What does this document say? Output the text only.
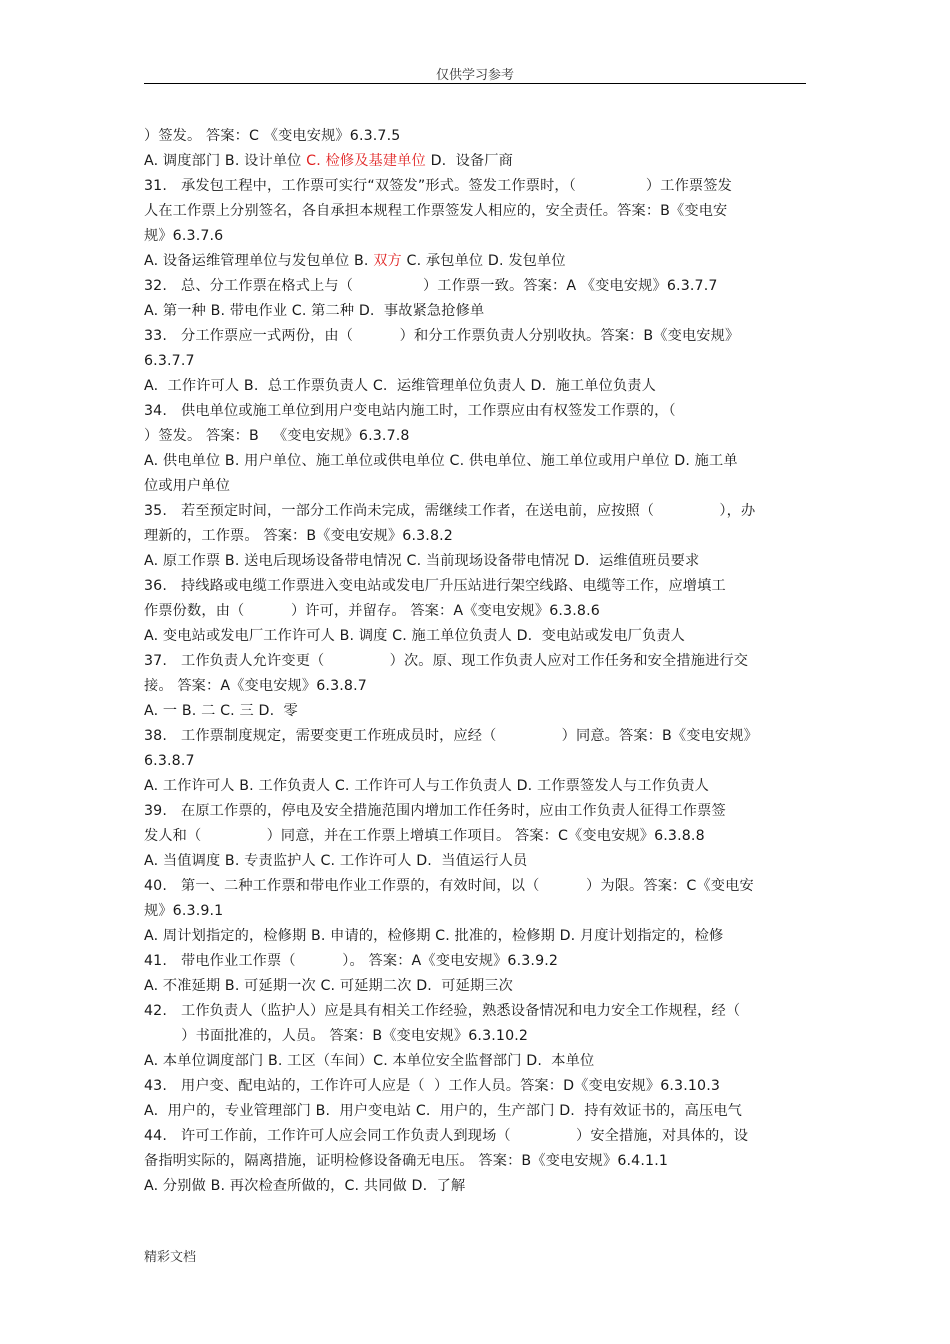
仅供学习参考
）签发。 答案：C 《变电安规》6.3.7.5
A. 调度部门 B. 设计单位 C. 检修及基建单位 D.  设备厂商
31.   承发包工程中，工作票可实行“双签发”形式。签发工作票时，（               ）工作票签发
人在工作票上分别签名，各自承担本规程工作票签发人相应的，安全责任。答案：B《变电安
规》6.3.7.6
A. 设备运维管理单位与发包单位 B. 双方 C. 承包单位 D. 发包单位
32.   总、分工作票在格式上与（               ）工作票一致。答案：A 《变电安规》6.3.7.7
A. 第一种 B. 带电作业 C. 第二种 D.  事故紧急抢修单
33.   分工作票应一式两份，由（          ）和分工作票负责人分别收执。答案：B《变电安规》
6.3.7.7
A.  工作许可人 B.  总工作票负责人 C.  运维管理单位负责人 D.  施工单位负责人
34.   供电单位或施工单位到用户变电站内施工时，工作票应由有权签发工作票的，（
）签发。 答案：B   《变电安规》6.3.7.8
A. 供电单位 B. 用户单位、施工单位或供电单位 C. 供电单位、施工单位或用户单位 D. 施工单
位或用户单位
35.   若至预定时间，一部分工作尚未完成，需继续工作者，在送电前，应按照（              ），办
理新的，工作票。 答案：B《变电安规》6.3.8.2
A. 原工作票 B. 送电后现场设备带电情况 C. 当前现场设备带电情况 D.  运维值班员要求
36.   持线路或电缆工作票进入变电站或发电厂升压站进行架空线路、电缆等工作，应增填工
作票份数，由（          ）许可，并留存。 答案：A《变电安规》6.3.8.6
A. 变电站或发电厂工作许可人 B. 调度 C. 施工单位负责人 D.  变电站或发电厂负责人
37.   工作负责人允许变更（              ）次。原、现工作负责人应对工作任务和安全措施进行交
接。 答案：A《变电安规》6.3.8.7
A. 一 B. 二 C. 三 D.  零
38.   工作票制度规定，需要变更工作班成员时，应经（              ）同意。答案：B《变电安规》
6.3.8.7
A. 工作许可人 B. 工作负责人 C. 工作许可人与工作负责人 D. 工作票签发人与工作负责人
39.   在原工作票的，停电及安全措施范围内增加工作任务时，应由工作负责人征得工作票签
发人和（              ）同意，并在工作票上增填工作项目。 答案：C《变电安规》6.3.8.8
A. 当值调度 B. 专责监护人 C. 工作许可人 D.  当值运行人员
40.   第一、二种工作票和带电作业工作票的，有效时间，以（          ）为限。答案：C《变电安
规》6.3.9.1
A. 周计划指定的，检修期 B. 申请的，检修期 C. 批准的，检修期 D. 月度计划指定的，检修
41.   带电作业工作票（          ）。 答案：A《变电安规》6.3.9.2
A. 不准延期 B. 可延期一次 C. 可延期二次 D.  可延期三次
42.   工作负责人（监护人）应是具有相关工作经验，熟悉设备情况和电力安全工作规程，经（
）书面批准的，人员。 答案：B《变电安规》6.3.10.2
A. 本单位调度部门 B. 工区（车间）C. 本单位安全监督部门 D.  本单位
43.   用户变、配电站的，工作许可人应是（  ）工作人员。答案：D《变电安规》6.3.10.3
A.  用户的，专业管理部门 B.  用户变电站 C.  用户的，生产部门 D.  持有效证书的，高压电气
44.   许可工作前，工作许可人应会同工作负责人到现场（              ）安全措施，对具体的，设
备指明实际的，隔离措施，证明检修设备确无电压。 答案：B《变电安规》6.4.1.1
A. 分别做 B. 再次检查所做的，C. 共同做 D.  了解
精彩文档
